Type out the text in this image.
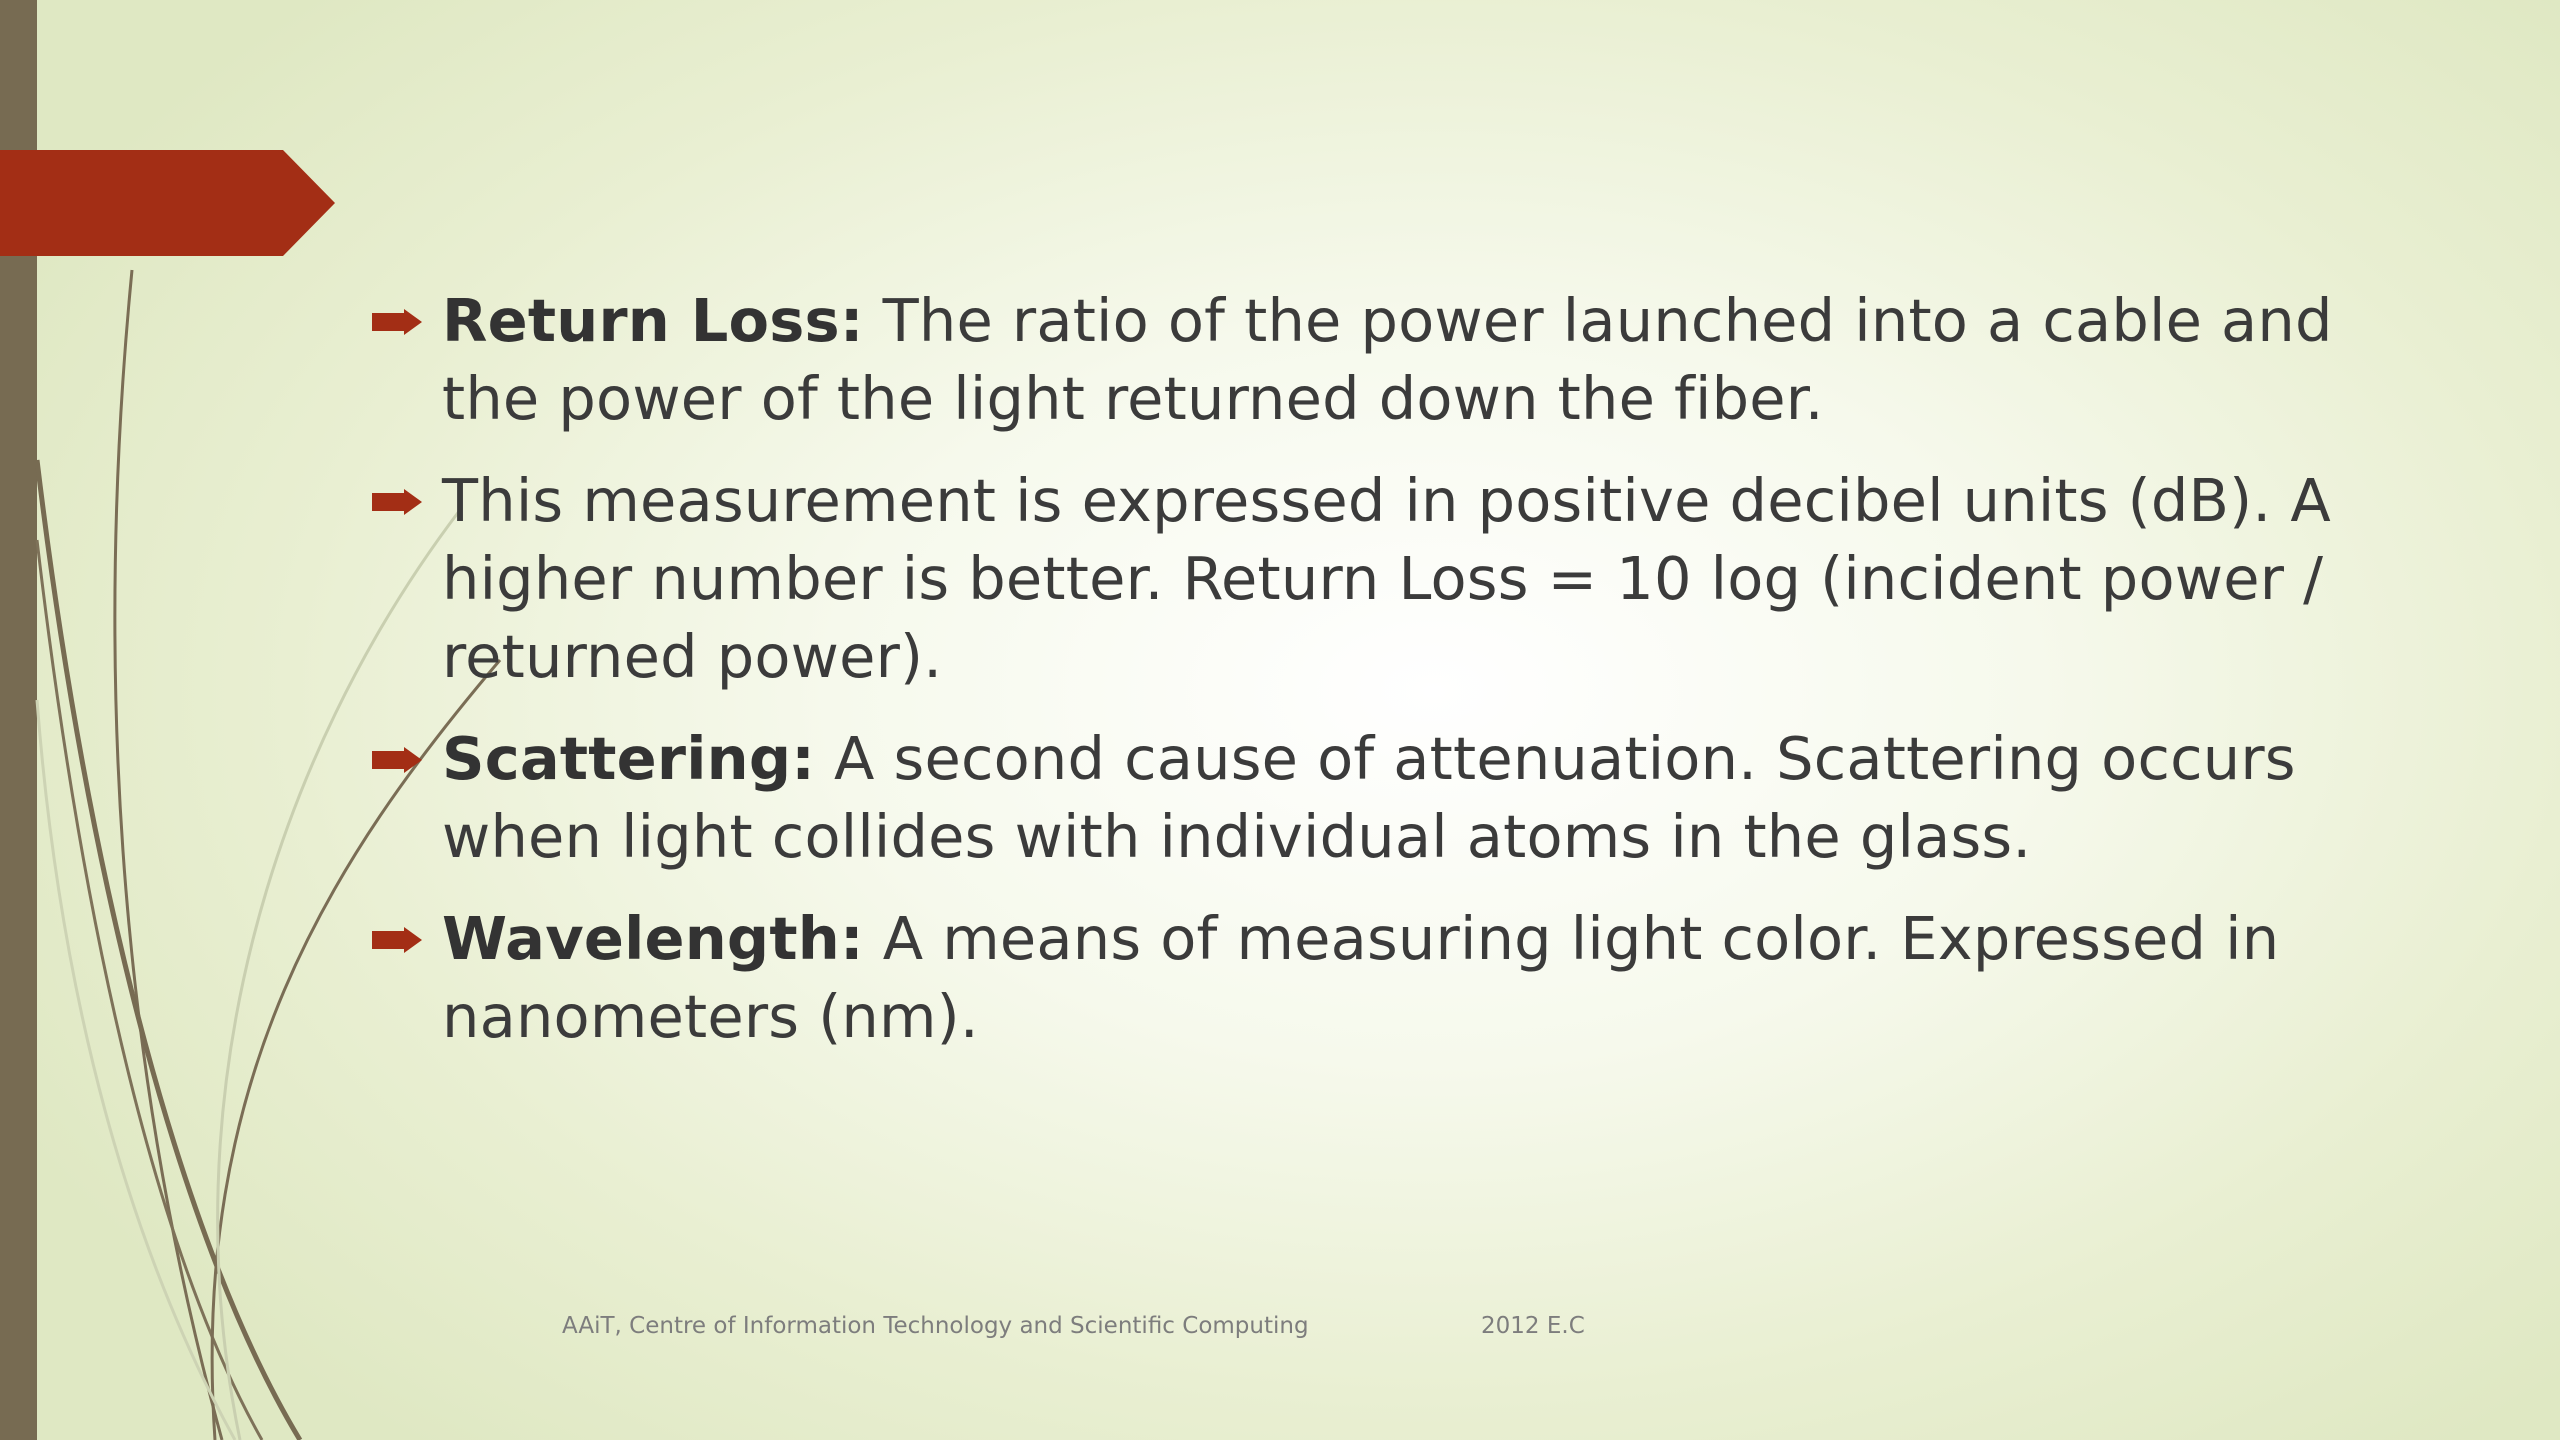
Return Loss: The ratio of the power launched into a cable and the power of the light returned down the fiber.
This measurement is expressed in positive decibel units (dB). A higher number is better. Return Loss = 10 log (incident power / returned power).
Scattering: A second cause of attenuation. Scattering occurs when light collides with individual atoms in the glass.
Wavelength: A means of measuring light color. Expressed in nanometers (nm).
AAiT, Centre of Information Technology and Scientific Computing	2012 E.C
